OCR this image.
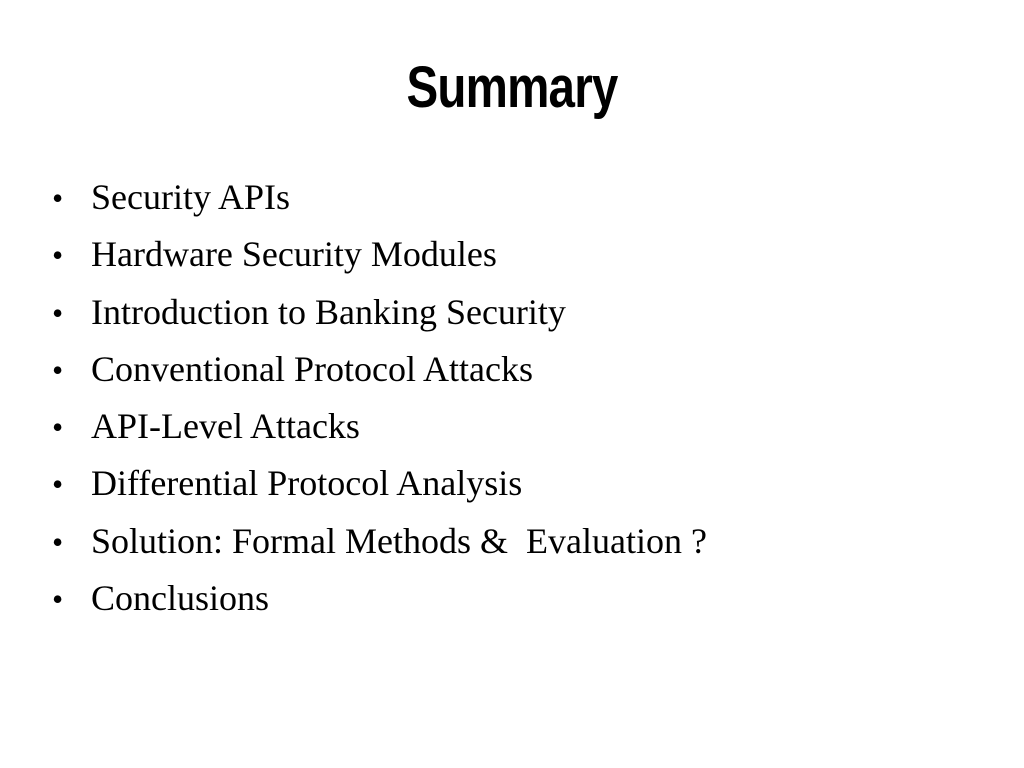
Summary
• Security APIs
• Hardware Security Modules
• Introduction to Banking Security
• Conventional Protocol Attacks
• API-Level Attacks
• Differential Protocol Analysis
• Solution: Formal Methods &  Evaluation ?
• Conclusions
